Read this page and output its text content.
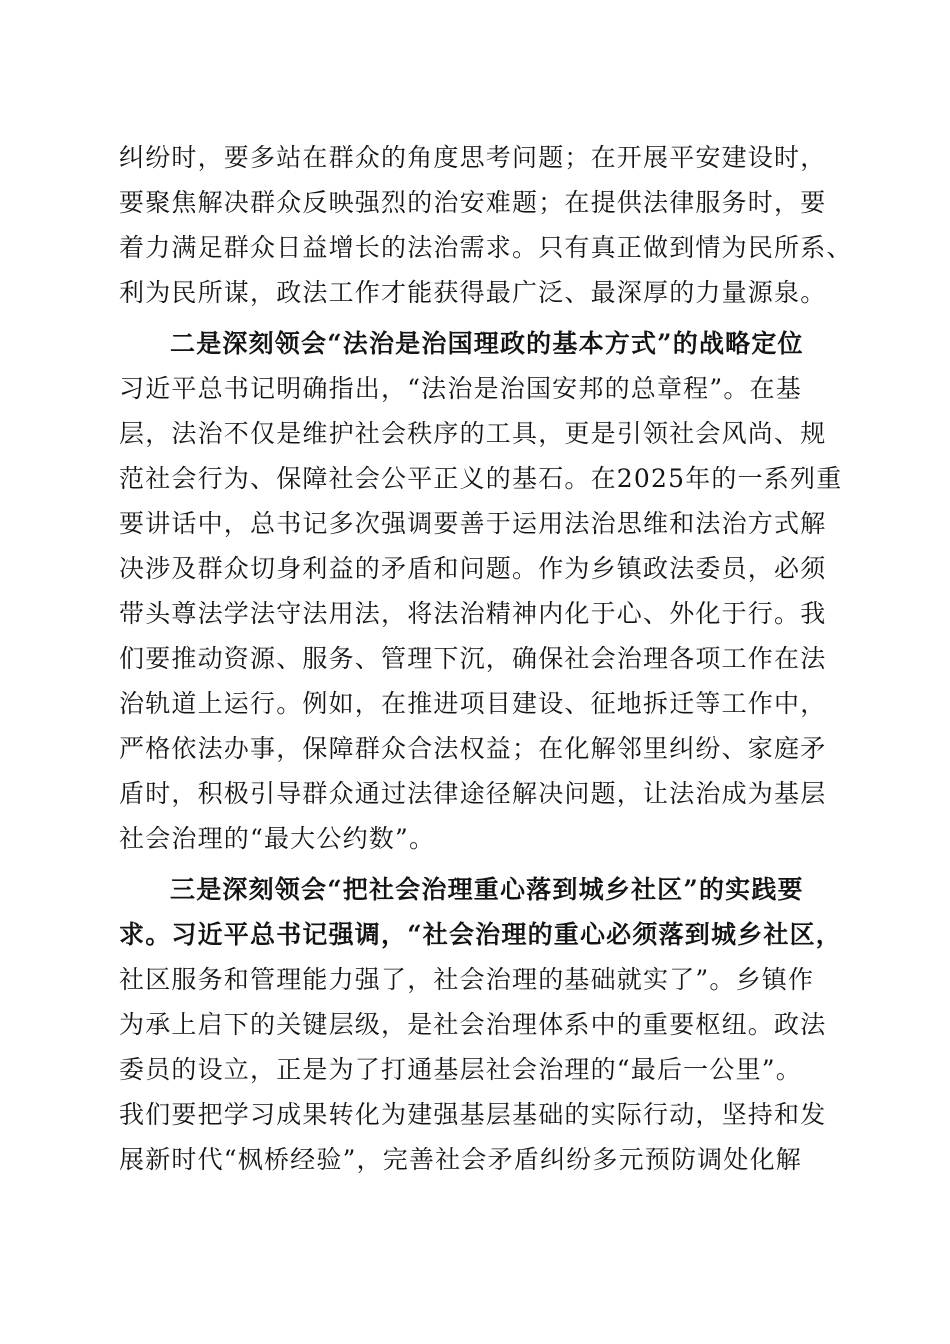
纠纷时，要多站在群众的角度思考问题；在开展平安建设时，
要聚焦解决群众反映强烈的治安难题；在提供法律服务时，要
着力满足群众日益增长的法治需求。只有真正做到情为民所系、
利为民所谋，政法工作才能获得最广泛、最深厚的力量源泉。
二是深刻领会“法治是治国理政的基本方式”的战略定位
习近平总书记明确指出，“法治是治国安邦的总章程”。在基
层，法治不仅是维护社会秩序的工具，更是引领社会风尚、规
范社会行为、保障社会公平正义的基石。在2025年的一系列重
要讲话中，总书记多次强调要善于运用法治思维和法治方式解
决涉及群众切身利益的矛盾和问题。作为乡镇政法委员，必须
带头尊法学法守法用法，将法治精神内化于心、外化于行。我
们要推动资源、服务、管理下沉，确保社会治理各项工作在法
治轨道上运行。例如，在推进项目建设、征地拆迁等工作中，
严格依法办事，保障群众合法权益；在化解邻里纠纷、家庭矛
盾时，积极引导群众通过法律途径解决问题，让法治成为基层
社会治理的“最大公约数”。
三是深刻领会“把社会治理重心落到城乡社区”的实践要
求。习近平总书记强调，“社会治理的重心必须落到城乡社区，
社区服务和管理能力强了，社会治理的基础就实了”。乡镇作
为承上启下的关键层级，是社会治理体系中的重要枢纽。政法
委员的设立，正是为了打通基层社会治理的“最后一公里”。
我们要把学习成果转化为建强基层基础的实际行动，坚持和发
展新时代“枫桥经验”，完善社会矛盾纠纷多元预防调处化解
